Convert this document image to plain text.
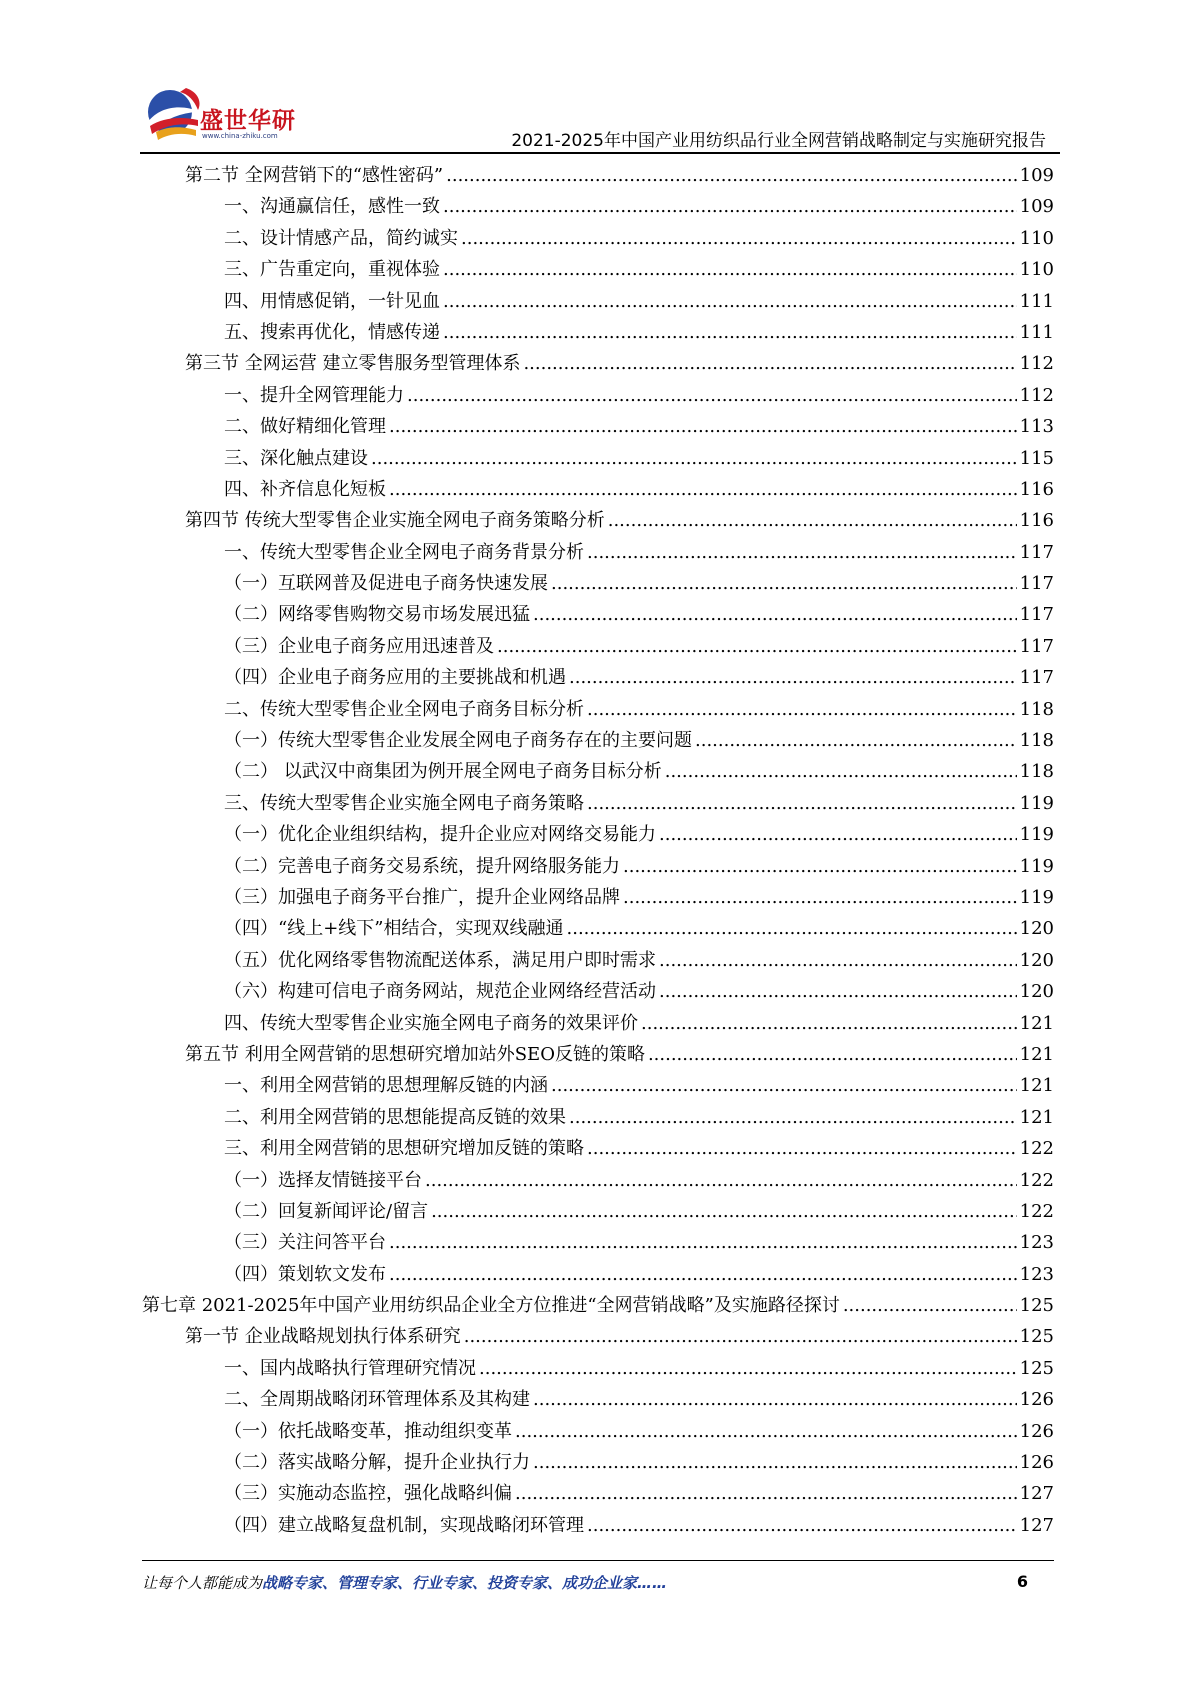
盛世华研
www.china-zhiku.com	2021-2025年中国产业用纺织品行业全网营销战略制定与实施研究报告
第二节 全网营销下的“感性密码” .....	109
一、沟通赢信任，感性一致 .....	109
二、设计情感产品，简约诚实 .....	110
三、广告重定向，重视体验 .....	110
四、用情感促销，一针见血 .....	111
五、搜索再优化，情感传递 .....	111
第三节 全网运营 建立零售服务型管理体系 .....	112
一、提升全网管理能力 .....	112
二、做好精细化管理 .....	113
三、深化触点建设 .....	115
四、补齐信息化短板 .....	116
第四节 传统大型零售企业实施全网电子商务策略分析 .....	116
一、传统大型零售企业全网电子商务背景分析 .....	117
（一）互联网普及促进电子商务快速发展 .....	117
（二）网络零售购物交易市场发展迅猛 .....	117
（三）企业电子商务应用迅速普及 .....	117
（四）企业电子商务应用的主要挑战和机遇 .....	117
二、传统大型零售企业全网电子商务目标分析 .....	118
（一）传统大型零售企业发展全网电子商务存在的主要问题 .....	118
（二） 以武汉中商集团为例开展全网电子商务目标分析 .....	118
三、传统大型零售企业实施全网电子商务策略 .....	119
（一）优化企业组织结构，提升企业应对网络交易能力 .....	119
（二）完善电子商务交易系统，提升网络服务能力 .....	119
（三）加强电子商务平台推广，提升企业网络品牌 .....	119
（四）“线上+线下”相结合，实现双线融通 .....	120
（五）优化网络零售物流配送体系，满足用户即时需求 .....	120
（六）构建可信电子商务网站，规范企业网络经营活动 .....	120
四、传统大型零售企业实施全网电子商务的效果评价 .....	121
第五节 利用全网营销的思想研究增加站外SEO反链的策略 .....	121
一、利用全网营销的思想理解反链的内涵 .....	121
二、利用全网营销的思想能提高反链的效果 .....	121
三、利用全网营销的思想研究增加反链的策略 .....	122
（一）选择友情链接平台 .....	122
（二）回复新闻评论/留言 .....	122
（三）关注问答平台 .....	123
（四）策划软文发布 .....	123
第七章 2021-2025年中国产业用纺织品企业全方位推进“全网营销战略”及实施路径探讨 .....	125
第一节 企业战略规划执行体系研究 .....	125
一、国内战略执行管理研究情况 .....	125
二、全周期战略闭环管理体系及其构建 .....	126
（一）依托战略变革，推动组织变革 .....	126
（二）落实战略分解，提升企业执行力 .....	126
（三）实施动态监控，强化战略纠偏 .....	127
（四）建立战略复盘机制，实现战略闭环管理 .....	127
让每个人都能成为战略专家、管理专家、行业专家、投资专家、成功企业家……	6
